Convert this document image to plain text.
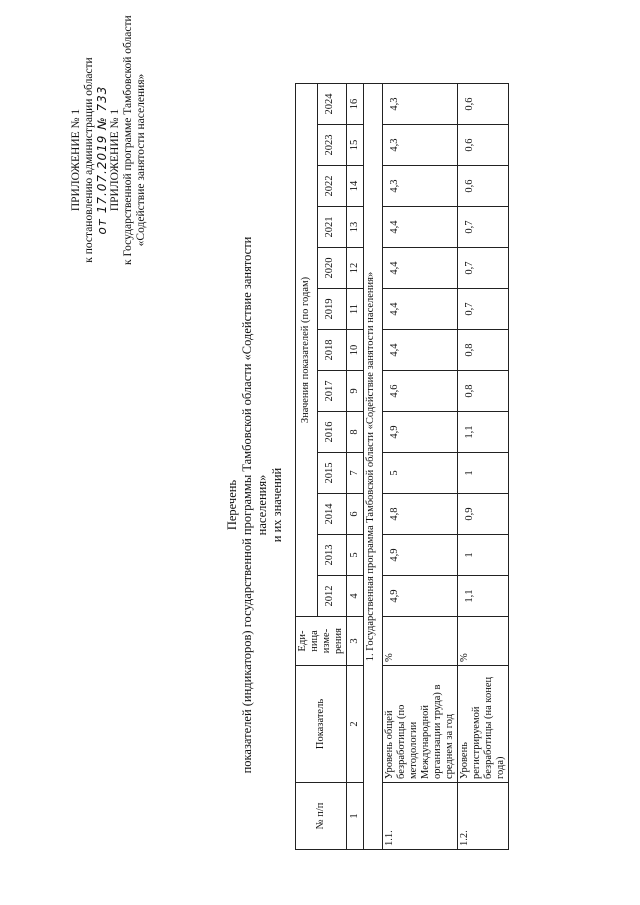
ПРИЛОЖЕНИЕ № 1 к постановлению администрации области от 17.07.2019 № 733 ПРИЛОЖЕНИЕ № 1 к Государственной программе Тамбовской области «Содействие занятости населения»
Перечень показателей (индикаторов) государственной программы Тамбовской области «Содействие занятости населения» и их значений
№ п/п	Показатель	Еди-ница изме-рения	Значения показателей (по годам)												
			2012	2013	2014	2015	2016	2017	2018	2019	2020	2021	2022	2023	2024
1	2	3	4	5	6	7	8	9	10	11	12	13	14	15	16
1. Государственная программа Тамбовской области «Содействие занятости населения»															
1.1.	Уровень общей безработицы (по методологии Международной организации труда) в среднем за год	%	4,9	4,9	4,8	5	4,9	4,6	4,4	4,4	4,4	4,4	4,3	4,3	4,3
1.2.	Уровень регистрируемой безработицы (на конец года)	%	1,1	1	0,9	1	1,1	0,8	0,8	0,7	0,7	0,7	0,6	0,6	0,6
